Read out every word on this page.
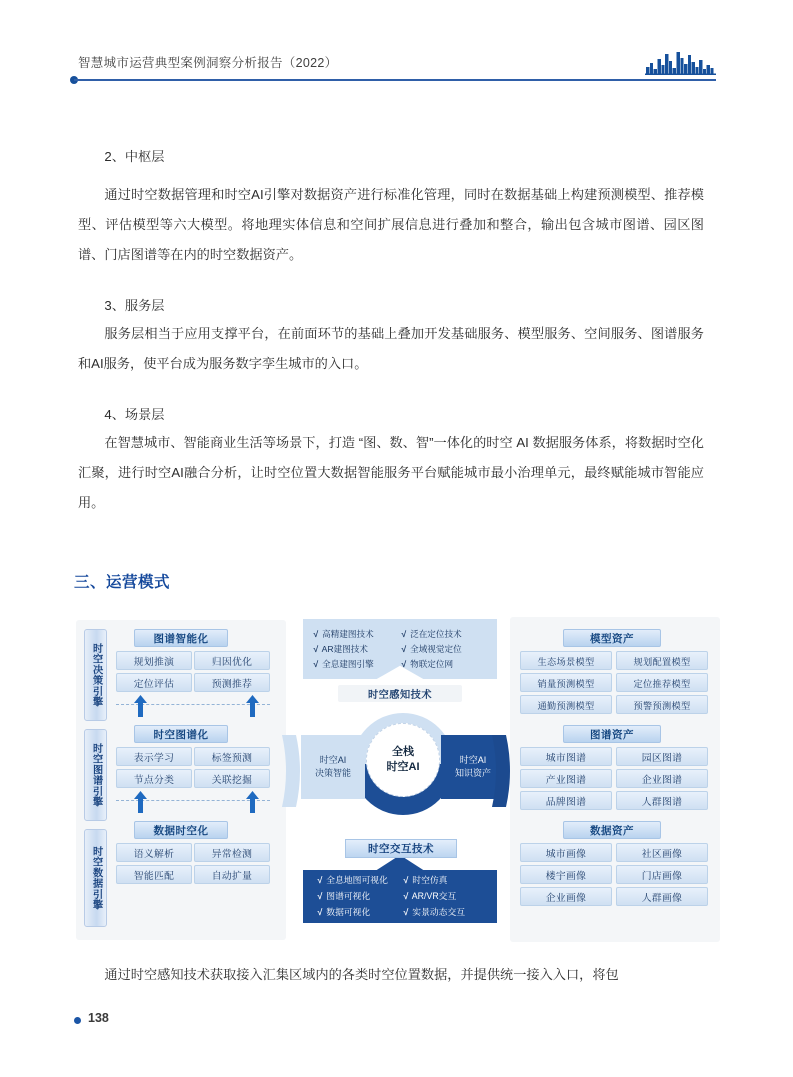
智慧城市运营典型案例洞察分析报告（2022）

2、中枢层

通过时空数据管理和时空AI引擎对数据资产进行标准化管理，同时在数据基础上构建预测模型、推荐模型、评估模型等六大模型。将地理实体信息和空间扩展信息进行叠加和整合，输出包含城市图谱、园区图谱、门店图谱等在内的时空数据资产。

3、服务层

服务层相当于应用支撑平台，在前面环节的基础上叠加开发基础服务、模型服务、空间服务、图谱服务和AI服务，使平台成为服务数字孪生城市的入口。

4、场景层

在智慧城市、智能商业生活等场景下，打造 “图、数、智”一体化的时空 AI 数据服务体系，将数据时空化汇聚，进行时空AI融合分析，让时空位置大数据智能服务平台赋能城市最小治理单元，最终赋能城市智能应用。

通过时空感知技术获取接入汇集区域内的各类时空位置数据，并提供统一接入入口，将包

三、运营模式
时空决策引擎
时空图谱引擎
时空数据引擎
图谱智能化
规划推演	归因优化
定位评估	预测推荐
时空图谱化
表示学习	标签预测
节点分类	关联挖掘
数据时空化
语义解析	异常检测
智能匹配	自动扩量
√ 高精建图技术	√ 泛在定位技术
√ AR建图技术	√ 全域视觉定位
√ 全息建图引擎	√ 物联定位网
时空感知技术
时空AI
决策智能
时空AI
知识资产
全栈
时空AI
时空交互技术
√ 全息地图可视化	√ 时空仿真
√ 图谱可视化	√ AR/VR交互
√ 数据可视化	√ 实景动态交互
模型资产
生态场景模型	规划配置模型
销量预测模型	定位推荐模型
通勤预测模型	预警预测模型
图谱资产
城市图谱	园区图谱
产业图谱	企业图谱
品牌图谱	人群图谱
数据资产
城市画像	社区画像
楼宇画像	门店画像
企业画像	人群画像
138
